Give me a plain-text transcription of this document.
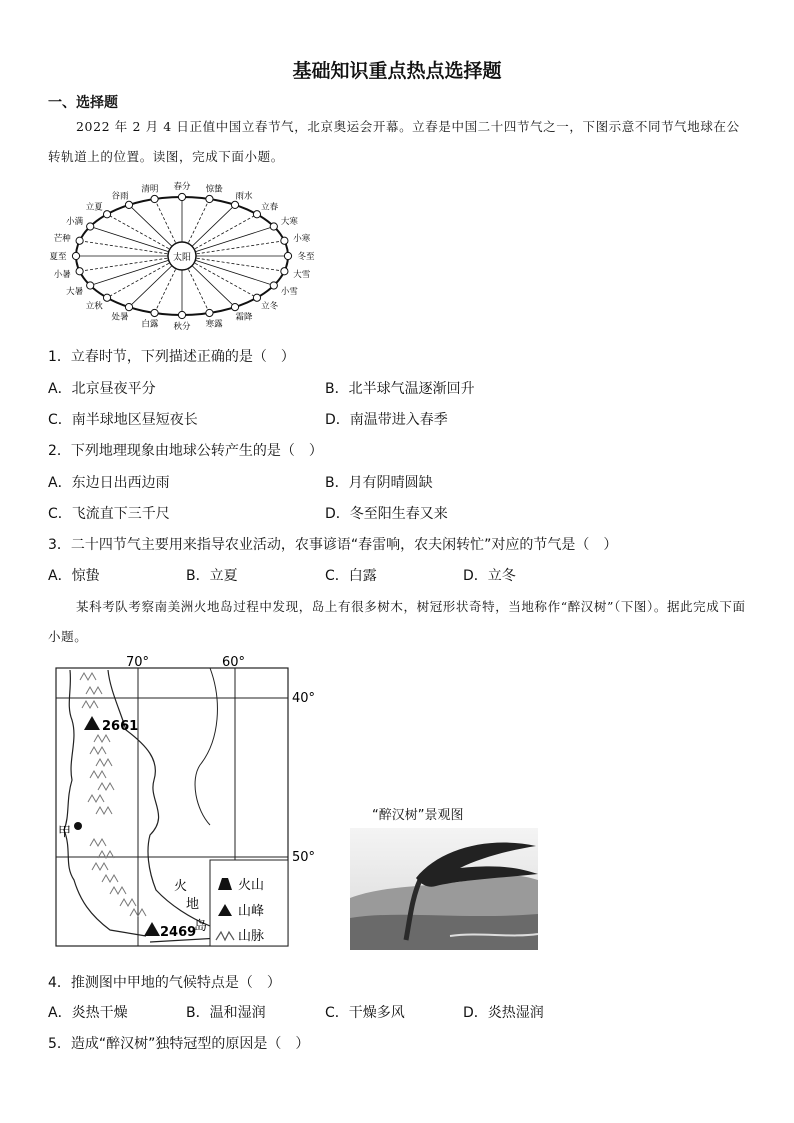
基础知识重点热点选择题
一、选择题
2022 年 2 月 4 日正值中国立春节气，北京奥运会开幕。立春是中国二十四节气之一，下图示意不同节气地球在公转轨道上的位置。读图，完成下面小题。
太阳	冬至
小寒
大寒
立春
雨水
惊蛰
春分
清明
谷雨
立夏
小满
芒种
夏至
小暑
大暑
立秋
处暑
白露 秋分 寒露
霜降
立冬
小雪
大雪
1．立春时节，下列描述正确的是（　）
A．北京昼夜平分	B．北半球气温逐渐回升
C．南半球地区昼短夜长	D．南温带进入春季
2．下列地理现象由地球公转产生的是（　）
A．东边日出西边雨	B．月有阴晴圆缺
C．飞流直下三千尺	D．冬至阳生春又来
3．二十四节气主要用来指导农业活动，农事谚语“春雷响，农夫闲转忙”对应的节气是（　）
A．惊蛰	B．立夏	C．白露	D．立冬
某科考队考察南美洲火地岛过程中发现，岛上有很多树木，树冠形状奇特，当地称作“醉汉树”（下图）。据此完成下面小题。
70°	60°
40°
50°
2661
甲
2469
火
地
岛
火山
山峰
山脉
“醉汉树”景观图
4．推测图中甲地的气候特点是（　）
A．炎热干燥	B．温和湿润	C．干燥多风	D．炎热湿润
5．造成“醉汉树”独特冠型的原因是（　）
